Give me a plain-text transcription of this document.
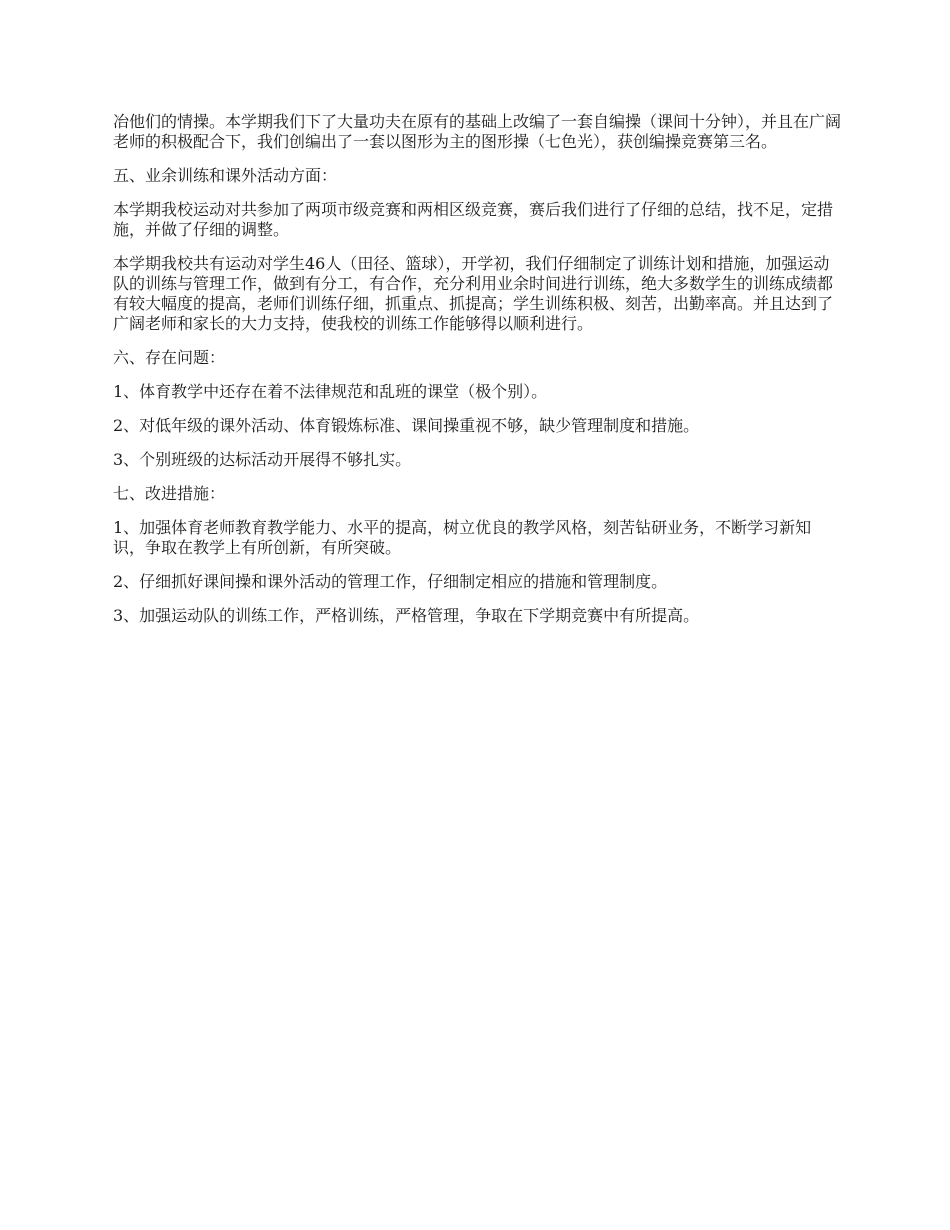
冶他们的情操。本学期我们下了大量功夫在原有的基础上改编了一套自编操（课间十分钟），并且在广阔老师的积极配合下，我们创编出了一套以图形为主的图形操（七色光），获创编操竞赛第三名。

五、业余训练和课外活动方面：

本学期我校运动对共参加了两项市级竞赛和两相区级竞赛，赛后我们进行了仔细的总结，找不足，定措施，并做了仔细的调整。

本学期我校共有运动对学生46人（田径、篮球），开学初，我们仔细制定了训练计划和措施，加强运动队的训练与管理工作，做到有分工，有合作，充分利用业余时间进行训练，绝大多数学生的训练成绩都有较大幅度的提高，老师们训练仔细，抓重点、抓提高；学生训练积极、刻苦，出勤率高。并且达到了广阔老师和家长的大力支持，使我校的训练工作能够得以顺利进行。

六、存在问题：

1、体育教学中还存在着不法律规范和乱班的课堂（极个别）。

2、对低年级的课外活动、体育锻炼标准、课间操重视不够，缺少管理制度和措施。

3、个别班级的达标活动开展得不够扎实。

七、改进措施：

1、加强体育老师教育教学能力、水平的提高，树立优良的教学风格，刻苦钻研业务，不断学习新知识，争取在教学上有所创新，有所突破。

2、仔细抓好课间操和课外活动的管理工作，仔细制定相应的措施和管理制度。

3、加强运动队的训练工作，严格训练，严格管理，争取在下学期竞赛中有所提高。
